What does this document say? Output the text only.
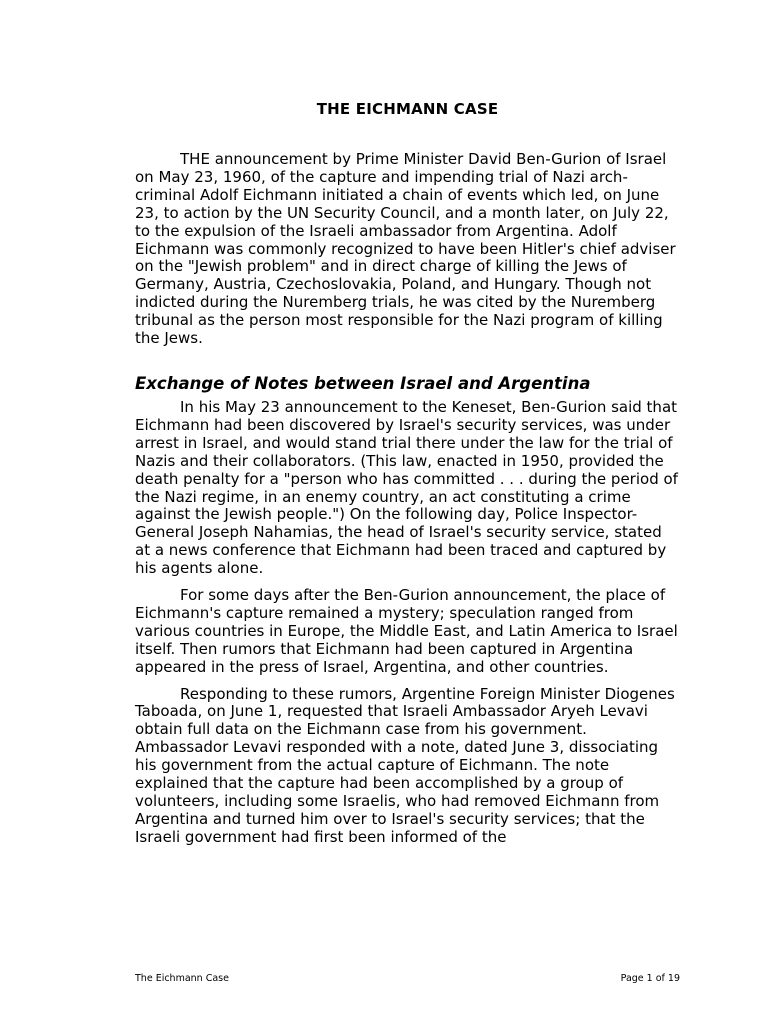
THE EICHMANN CASE

THE announcement by Prime Minister David Ben-Gurion of Israel on May 23, 1960, of the capture and impending trial of Nazi arch-criminal Adolf Eichmann initiated a chain of events which led, on June 23, to action by the UN Security Council, and a month later, on July 22, to the expulsion of the Israeli ambassador from Argentina. Adolf Eichmann was commonly recognized to have been Hitler's chief adviser on the "Jewish problem" and in direct charge of killing the Jews of Germany, Austria, Czechoslovakia, Poland, and Hungary. Though not indicted during the Nuremberg trials, he was cited by the Nuremberg tribunal as the person most responsible for the Nazi program of killing the Jews.

Exchange of Notes between Israel and Argentina

In his May 23 announcement to the Keneset, Ben-Gurion said that Eichmann had been discovered by Israel's security services, was under arrest in Israel, and would stand trial there under the law for the trial of Nazis and their collaborators. (This law, enacted in 1950, provided the death penalty for a "person who has committed . . . during the period of the Nazi regime, in an enemy country, an act constituting a crime against the Jewish people.") On the following day, Police Inspector-General Joseph Nahamias, the head of Israel's security service, stated at a news conference that Eichmann had been traced and captured by his agents alone.

For some days after the Ben-Gurion announcement, the place of Eichmann's capture remained a mystery; speculation ranged from various countries in Europe, the Middle East, and Latin America to Israel itself. Then rumors that Eichmann had been captured in Argentina appeared in the press of Israel, Argentina, and other countries.

Responding to these rumors, Argentine Foreign Minister Diogenes Taboada, on June 1, requested that Israeli Ambassador Aryeh Levavi obtain full data on the Eichmann case from his government. Ambassador Levavi responded with a note, dated June 3, dissociating his government from the actual capture of Eichmann. The note explained that the capture had been accomplished by a group of volunteers, including some Israelis, who had removed Eichmann from Argentina and turned him over to Israel's security services; that the Israeli government had first been informed of the

The Eichmann Case	Page 1 of 19
